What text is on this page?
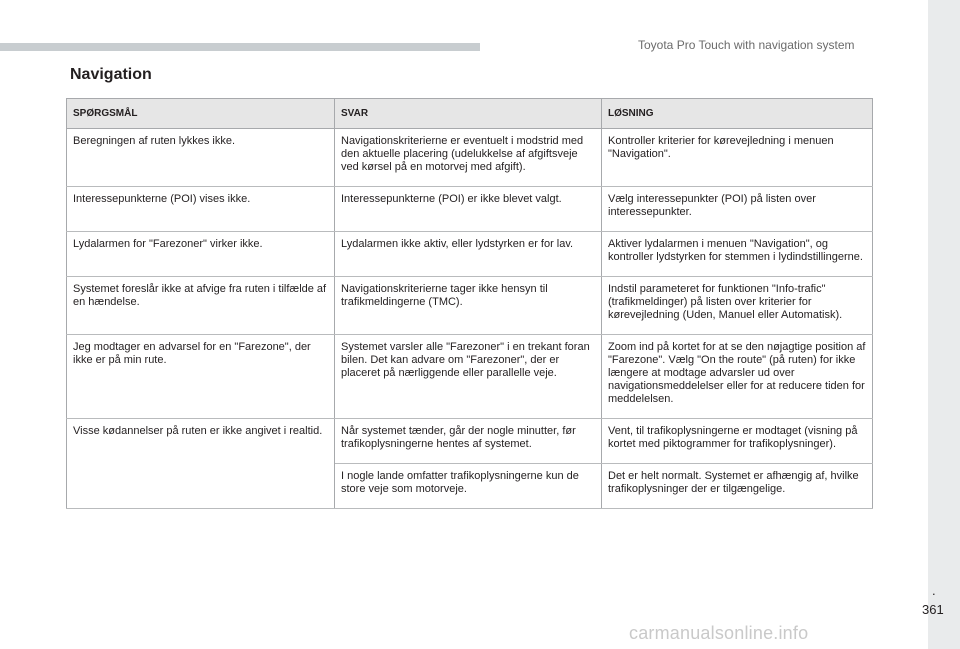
Toyota Pro Touch with navigation system
.
361
Navigation
SPØRGSMÅL	SVAR	LØSNING
Beregningen af ruten lykkes ikke.	Navigationskriterierne er eventuelt i modstrid med den aktuelle placering (udelukkelse af afgiftsveje ved kørsel på en motorvej med afgift).	Kontroller kriterier for kørevejledning i menuen "Navigation".
Interessepunkterne (POI) vises ikke.	Interessepunkterne (POI) er ikke blevet valgt.	Vælg interessepunkter (POI) på listen over interessepunkter.
Lydalarmen for "Farezoner" virker ikke.	Lydalarmen ikke aktiv, eller lydstyrken er for lav.	Aktiver lydalarmen i menuen "Navigation", og kontroller lydstyrken for stemmen i lydindstillingerne.
Systemet foreslår ikke at afvige fra ruten i tilfælde af en hændelse.	Navigationskriterierne tager ikke hensyn til trafikmeldingerne (TMC).	Indstil parameteret for funktionen "Info-trafic" (trafikmeldinger) på listen over kriterier for kørevejledning (Uden, Manuel eller Automatisk).
Jeg modtager en advarsel for en "Farezone", der ikke er på min rute.	Systemet varsler alle "Farezoner" i en trekant foran bilen. Det kan advare om "Farezoner", der er placeret på nærliggende eller parallelle veje.	Zoom ind på kortet for at se den nøjagtige position af "Farezone". Vælg "On the route" (på ruten) for ikke længere at modtage advarsler ud over navigationsmeddelelser eller for at reducere tiden for meddelelsen.
Visse kødannelser på ruten er ikke angivet i realtid.	Når systemet tænder, går der nogle minutter, før trafikoplysningerne hentes af systemet.	Vent, til trafikoplysningerne er modtaget (visning på kortet med piktogrammer for trafikoplysninger).
	I nogle lande omfatter trafikoplysningerne kun de store veje som motorveje.	Det er helt normalt. Systemet er afhængig af, hvilke trafikoplysninger der er tilgængelige.
carmanualsonline.info
